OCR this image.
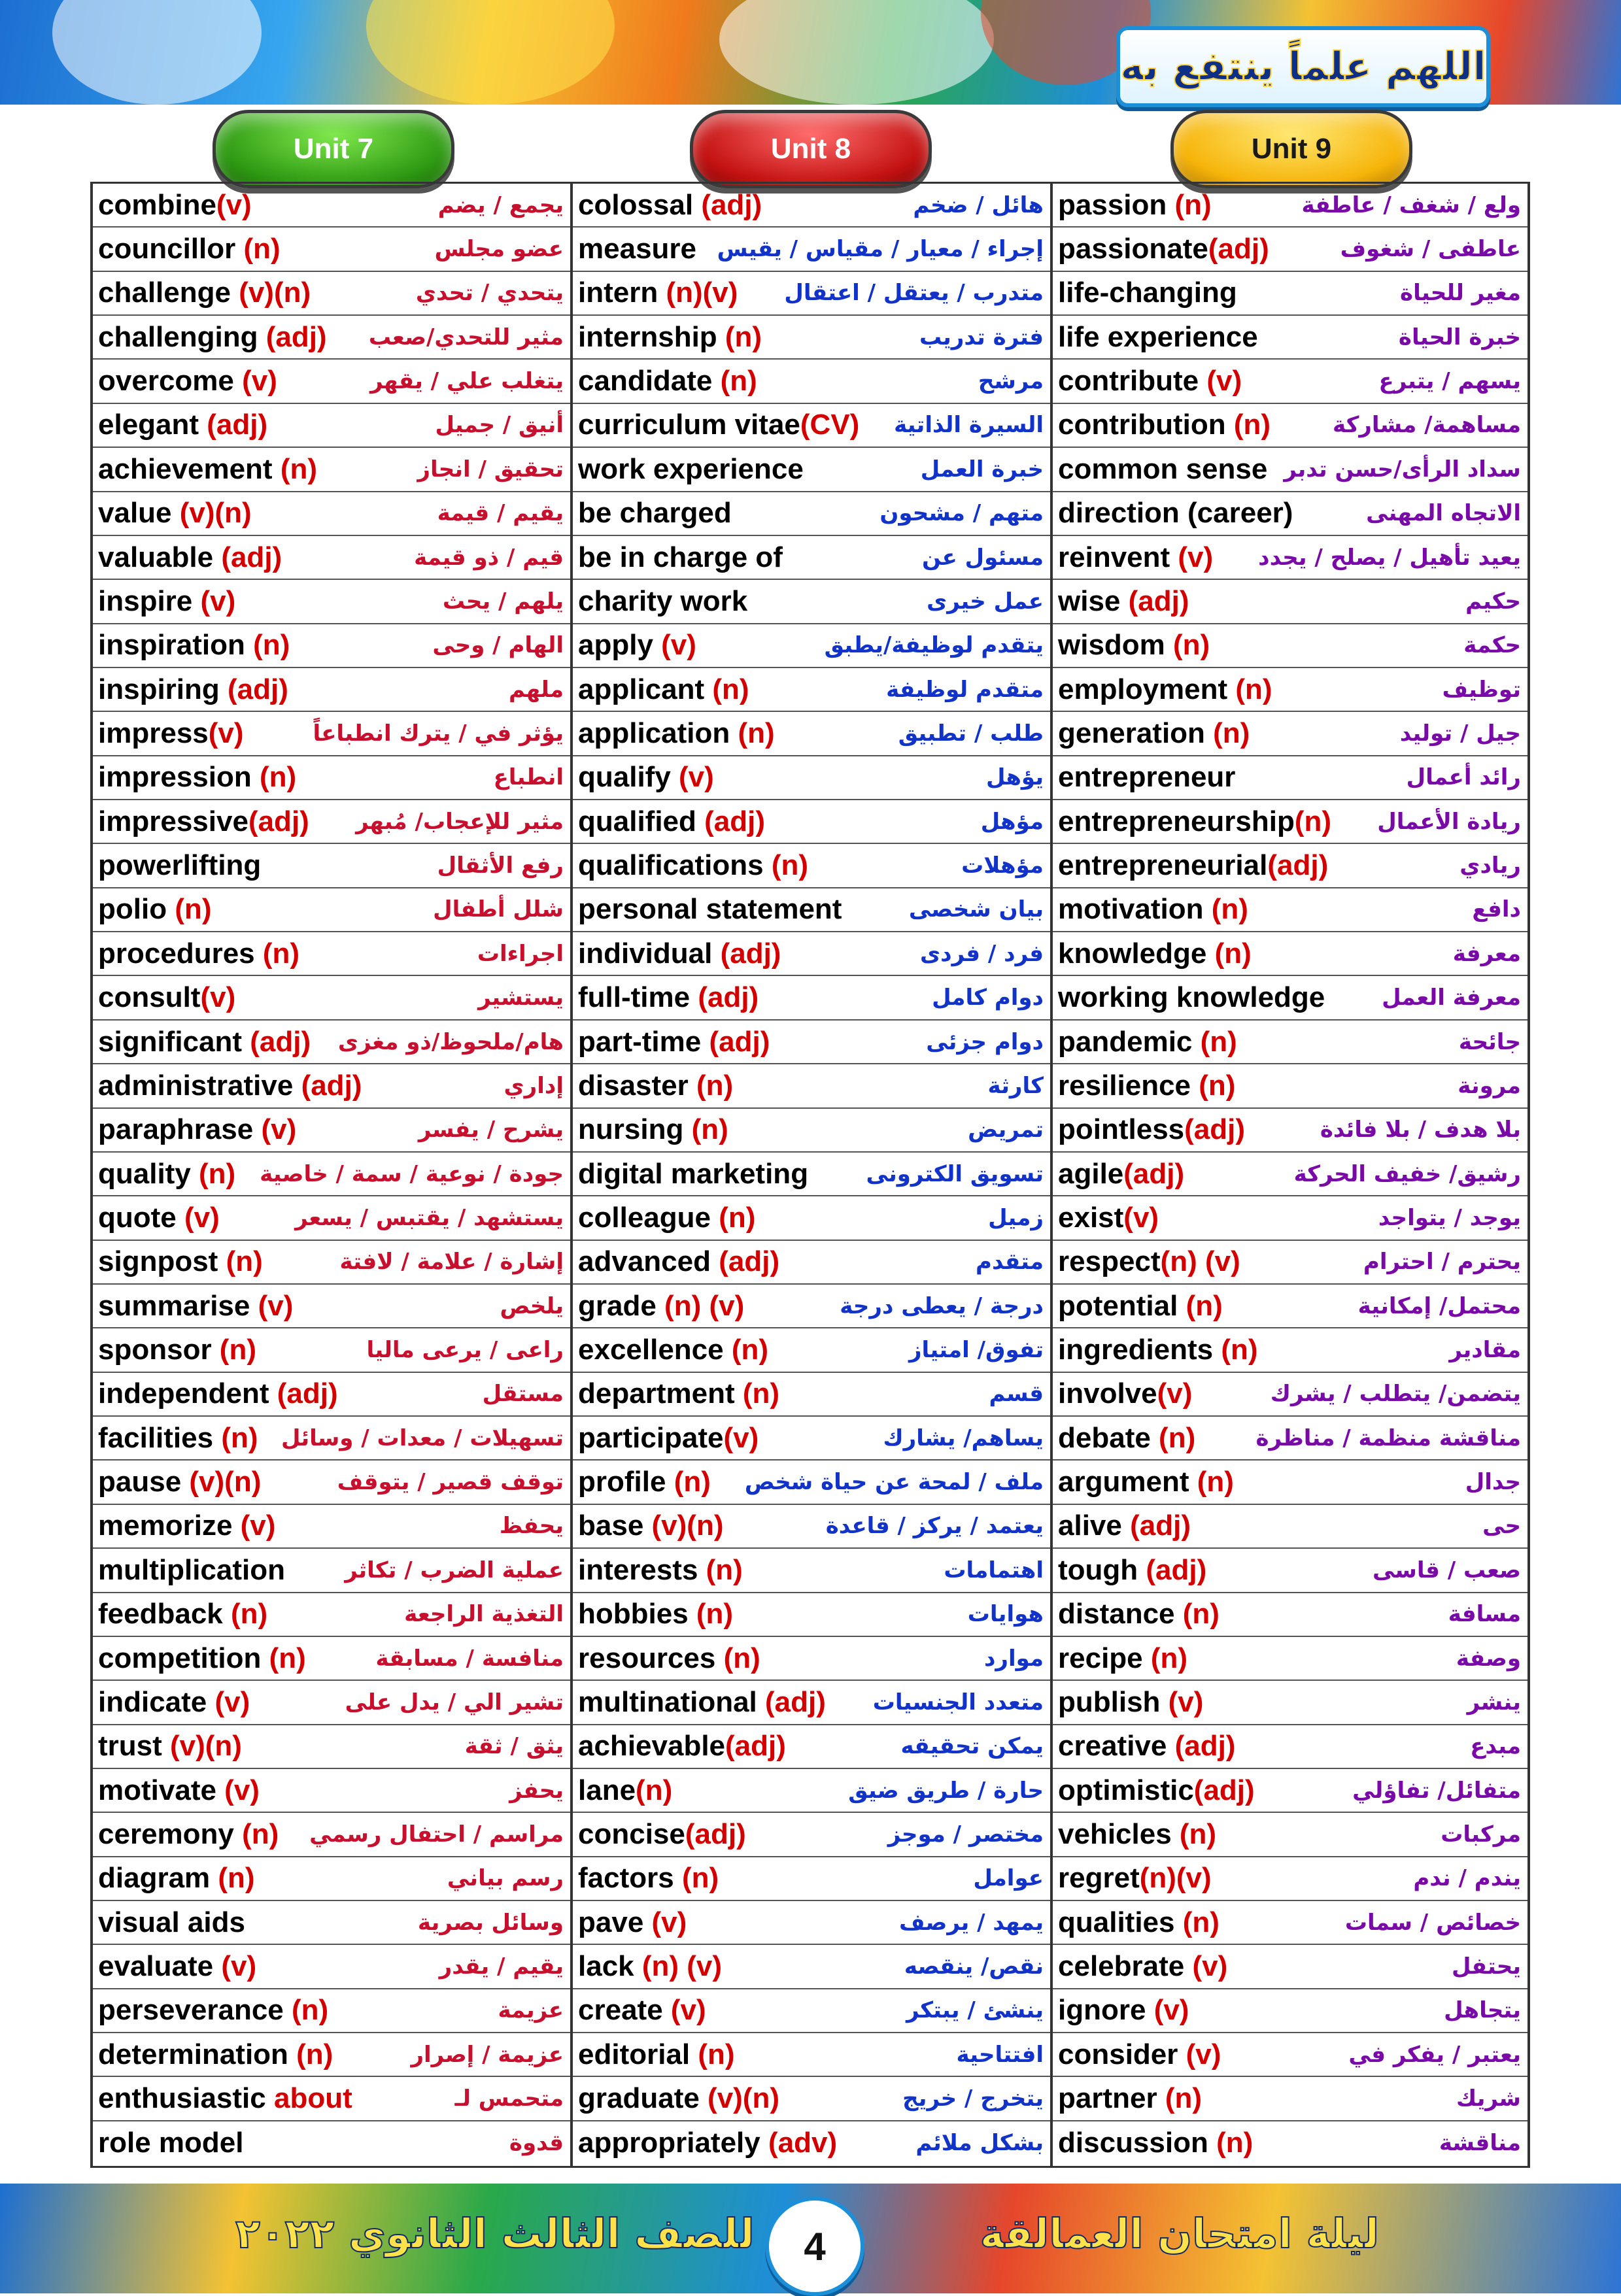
اللهم علماً ينتفع به
Unit 7	Unit 8	Unit 9
combine(v)	يجمع / يضم
councillor (n)	عضو مجلس
challenge (v)(n)	يتحدي / تحدي
challenging (adj) مثير للتحدي/صعب
overcome (v)	يتغلب علي / يقهر
elegant (adj)	أنيق / جميل
achievement (n)	تحقيق / انجاز
value (v)(n)	يقيم / قيمة
valuable (adj)	قيم / ذو قيمة
inspire (v)	يلهم / يحث
inspiration (n)	الهام / وحى
inspiring (adj)	ملهم
impress(v)	يؤثر في / يترك انطباعاً
impression (n)	انطباع
impressive(adj) مثير للإعجاب/ مُبهر
powerlifting	رفع الأثقال
polio (n)	شلل أطفال
procedures (n)	اجراءات
consult(v)	يستشير
significant (adj) هام/ملحوظ/ذو مغزى
administrative (adj)	إداري
paraphrase (v)	يشرح / يفسر
quality (n) جودة / نوعية / سمة / خاصية
quote (v)	يستشهد / يقتبس / يسعر
signpost (n)	إشارة / علامة / لافتة
summarise (v)	يلخص
sponsor (n)	راعى / يرعى ماليا
independent (adj)	مستقل
facilities (n) تسهيلات / معدات / وسائل
pause (v)(n)	توقف قصير / يتوقف
memorize (v)	يحفظ
multiplication	عملية الضرب / تكاثر
feedback (n)	التغذية الراجعة
competition (n)	منافسة / مسابقة
indicate (v)	تشير الي / يدل على
trust (v)(n)	يثق / ثقة
motivate (v)	يحفز
ceremony (n) مراسم / احتفال رسمي
diagram (n)	رسم بياني
visual aids	وسائل بصرية
evaluate (v)	يقيم / يقدر
perseverance (n)	عزيمة
determination (n)	عزيمة / إصرار
enthusiastic about	متحمس لـ
role model	قدوة
colossal (adj)	هائل / ضخم
measure إجراء / معيار / مقياس / يقيس
intern (n)(v) متدرب / يعتقل / اعتقال
internship (n)	فترة تدريب
candidate (n)	مرشح
curriculum vitae(CV) السيرة الذاتية
work experience	خبرة العمل
be charged	متهم / مشحون
be in charge of	مسئول عن
charity work	عمل خيرى
apply (v)	يتقدم لوظيفة/يطبق
applicant (n)	متقدم لوظيفة
application (n)	طلب / تطبيق
qualify (v)	يؤهل
qualified (adj)	مؤهل
qualifications (n)	مؤهلات
personal statement	بيان شخصى
individual (adj)	فرد / فردى
full-time (adj)	دوام كامل
part-time (adj)	دوام جزئى
disaster (n)	كارثة
nursing (n)	تمريض
digital marketing	تسويق الكترونى
colleague (n)	زميل
advanced (adj)	متقدم
grade (n) (v)	درجة / يعطى درجة
excellence (n)	تفوق/ امتياز
department (n)	قسم
participate(v)	يساهم/ يشارك
profile (n) ملف / لمحة عن حياة شخص
base (v)(n)	يعتمد / يركز / قاعدة
interests (n)	اهتمامات
hobbies (n)	هوايات
resources (n)	موارد
multinational (adj) متعدد الجنسيات
achievable(adj)	يمكن تحقيقه
lane(n)	حارة / طريق ضيق
concise(adj)	مختصر / موجز
factors (n)	عوامل
pave (v)	يمهد / يرصف
lack (n) (v)	نقص/ ينقصه
create (v)	ينشئ / يبتكر
editorial (n)	افتتاحية
graduate (v)(n)	يتخرج / خريج
appropriately (adv)	بشكل ملائم
passion (n)	ولع / شغف / عاطفة
passionate(adj)	عاطفى / شغوف
life-changing	مغير للحياة
life experience	خبرة الحياة
contribute (v)	يسهم / يتبرع
contribution (n)	مساهمة/ مشاركة
common sense سداد الرأى/حسن تدبر
direction (career)	الاتجاه المهنى
reinvent (v) يعيد تأهيل / يصلح / يجدد
wise (adj)	حكيم
wisdom (n)	حكمة
employment (n)	توظيف
generation (n)	جيل / توليد
entrepreneur	رائد أعمال
entrepreneurship(n) ريادة الأعمال
entrepreneurial(adj)	ريادي
motivation (n)	دافع
knowledge (n)	معرفة
working knowledge	معرفة العمل
pandemic (n)	جائحة
resilience (n)	مرونة
pointless(adj)	بلا هدف / بلا فائدة
agile(adj)	رشيق/ خفيف الحركة
exist(v)	يوجد / يتواجد
respect(n) (v)	يحترم / احترام
potential (n)	محتمل/ إمكانية
ingredients (n)	مقادير
involve(v)	يتضمن/ يتطلب / يشرك
debate (n)	مناقشة منظمة / مناظرة
argument (n)	جدال
alive (adj)	حى
tough (adj)	صعب / قاسى
distance (n)	مسافة
recipe (n)	وصفة
publish (v)	ينشر
creative (adj)	مبدع
optimistic(adj)	متفائل/ تفاؤلي
vehicles (n)	مركبات
regret(n)(v)	يندم / ندم
qualities (n)	خصائص / سمات
celebrate (v)	يحتفل
ignore (v)	يتجاهل
consider (v)	يعتبر / يفكر في
partner (n)	شريك
discussion (n)	مناقشة
للصف الثالث الثانوي ٢٠٢٢	ليلة امتحان العمالقة
4
